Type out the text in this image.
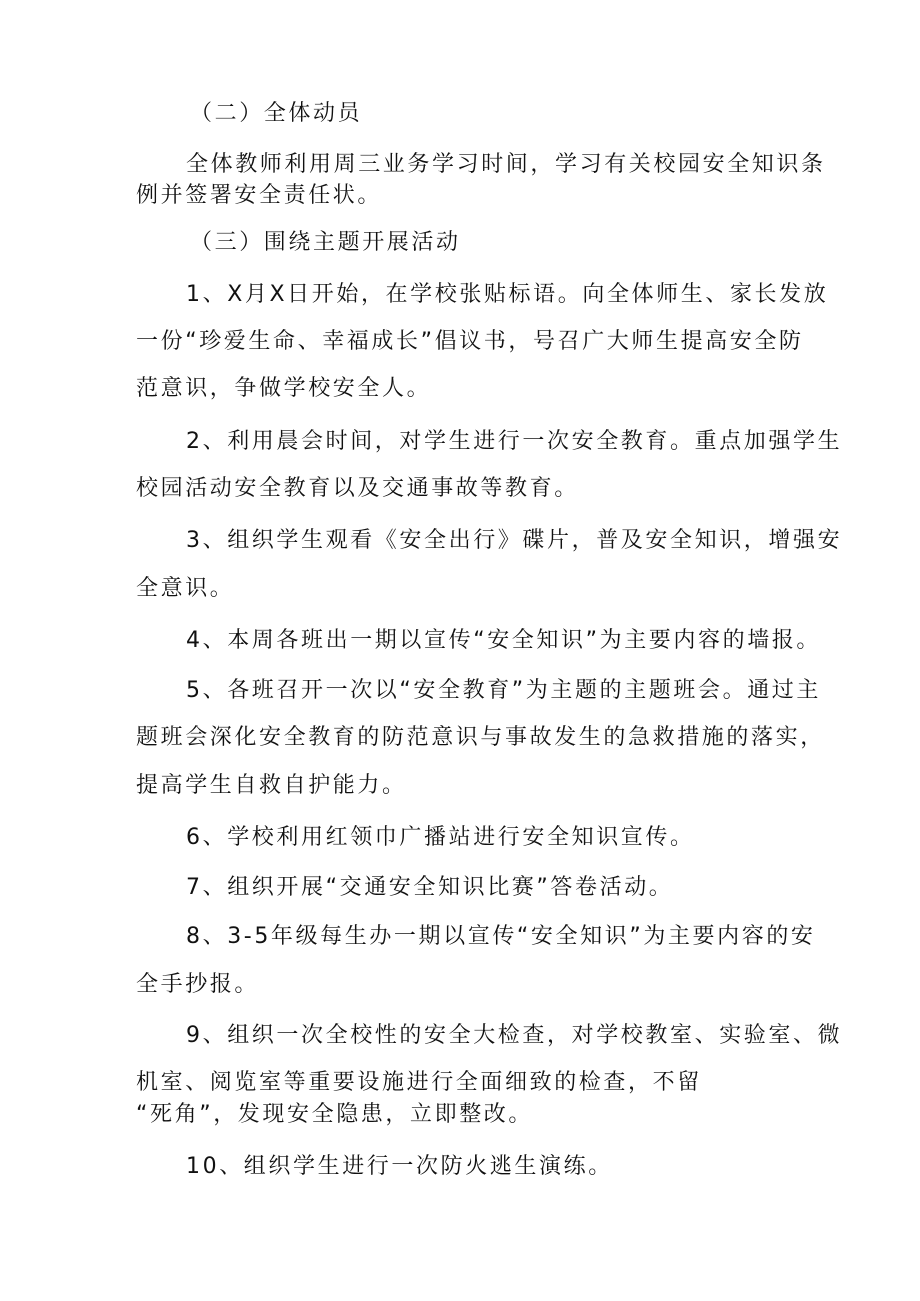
（二）全体动员
全体教师利用周三业务学习时间，学习有关校园安全知识条
例并签署安全责任状。
（三）围绕主题开展活动
1、X月X日开始，在学校张贴标语。向全体师生、家长发放
一份“珍爱生命、幸福成长”倡议书，号召广大师生提高安全防
范意识，争做学校安全人。
2、利用晨会时间，对学生进行一次安全教育。重点加强学生
校园活动安全教育以及交通事故等教育。
3、组织学生观看《安全出行》碟片，普及安全知识，增强安
全意识。
4、本周各班出一期以宣传“安全知识”为主要内容的墙报。
5、各班召开一次以“安全教育”为主题的主题班会。通过主
题班会深化安全教育的防范意识与事故发生的急救措施的落实，
提高学生自救自护能力。
6、学校利用红领巾广播站进行安全知识宣传。
7、组织开展“交通安全知识比赛”答卷活动。
8、3-5年级每生办一期以宣传“安全知识”为主要内容的安
全手抄报。
9、组织一次全校性的安全大检查，对学校教室、实验室、微
机室、阅览室等重要设施进行全面细致的检查，不留
“死角”，发现安全隐患，立即整改。
10、组织学生进行一次防火逃生演练。
